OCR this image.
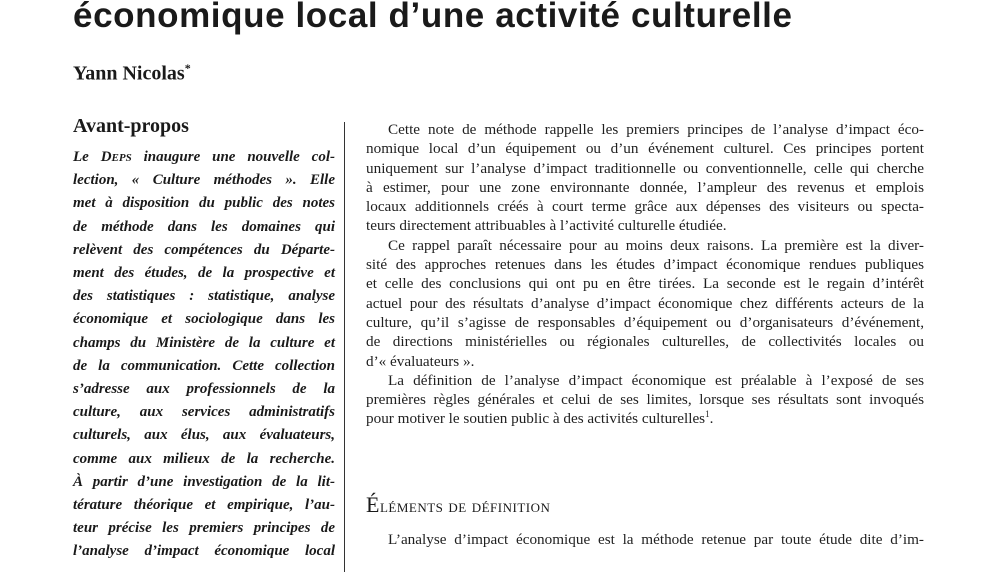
économique local d’une activité culturelle
Yann Nicolas*
Avant-propos

Le Deps inaugure une nouvelle col-
lection, « Culture méthodes ». Elle
met à disposition du public des notes
de méthode dans les domaines qui
relèvent des compétences du Départe-
ment des études, de la prospective et
des statistiques : statistique, analyse
économique et sociologique dans les
champs du Ministère de la culture et
de la communication. Cette collection
s’adresse aux professionnels de la
culture, aux services administratifs
culturels, aux élus, aux évaluateurs,
comme aux milieux de la recherche.
À partir d’une investigation de la lit-
térature théorique et empirique, l’au-
teur précise les premiers principes de
l’analyse d’impact économique local

Cette note de méthode rappelle les premiers principes de l’analyse d’impact éco-
nomique local d’un équipement ou d’un événement culturel. Ces principes portent
uniquement sur l’analyse d’impact traditionnelle ou conventionnelle, celle qui cherche
à estimer, pour une zone environnante donnée, l’ampleur des revenus et emplois
locaux additionnels créés à court terme grâce aux dépenses des visiteurs ou specta-
teurs directement attribuables à l’activité culturelle étudiée.

Ce rappel paraît nécessaire pour au moins deux raisons. La première est la diver-
sité des approches retenues dans les études d’impact économique rendues publiques
et celle des conclusions qui ont pu en être tirées. La seconde est le regain d’intérêt
actuel pour des résultats d’analyse d’impact économique chez différents acteurs de la
culture, qu’il s’agisse de responsables d’équipement ou d’organisateurs d’événement,
de directions ministérielles ou régionales culturelles, de collectivités locales ou
d’« évaluateurs ».

La définition de l’analyse d’impact économique est préalable à l’exposé de ses
premières règles générales et celui de ses limites, lorsque ses résultats sont invoqués
pour motiver le soutien public à des activités culturelles$^1$.

Éléments de définition
L’analyse d’impact économique est la méthode retenue par toute étude dite d’im-
